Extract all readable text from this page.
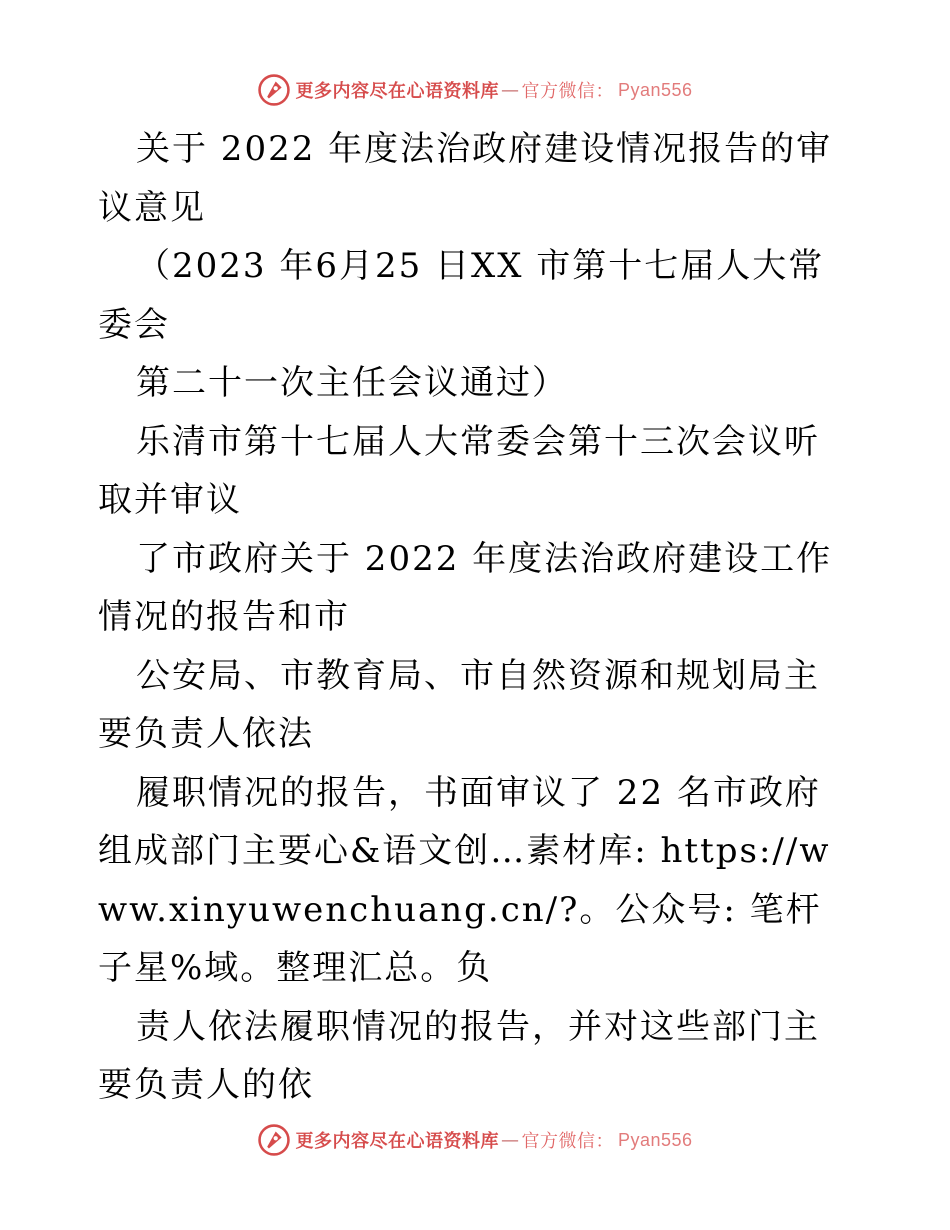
更多内容尽在心语资料库 — 官方微信： Pyan556

关于 2022 年度法治政府建设情况报告的审议意见

（2023 年6月25 日XX 市第十七届人大常委会

第二十一次主任会议通过）

乐清市第十七届人大常委会第十三次会议听取并审议

了市政府关于 2022 年度法治政府建设工作情况的报告和市

公安局、市教育局、市自然资源和规划局主要负责人依法

履职情况的报告，书面审议了 22 名市政府组成部门主要心&语文创…素材库: https://www.xinyuwenchuang.cn/?。公众号: 笔杆子星%域。整理汇总。负

责人依法履职情况的报告，并对这些部门主要负责人的依

更多内容尽在心语资料库 — 官方微信： Pyan556
